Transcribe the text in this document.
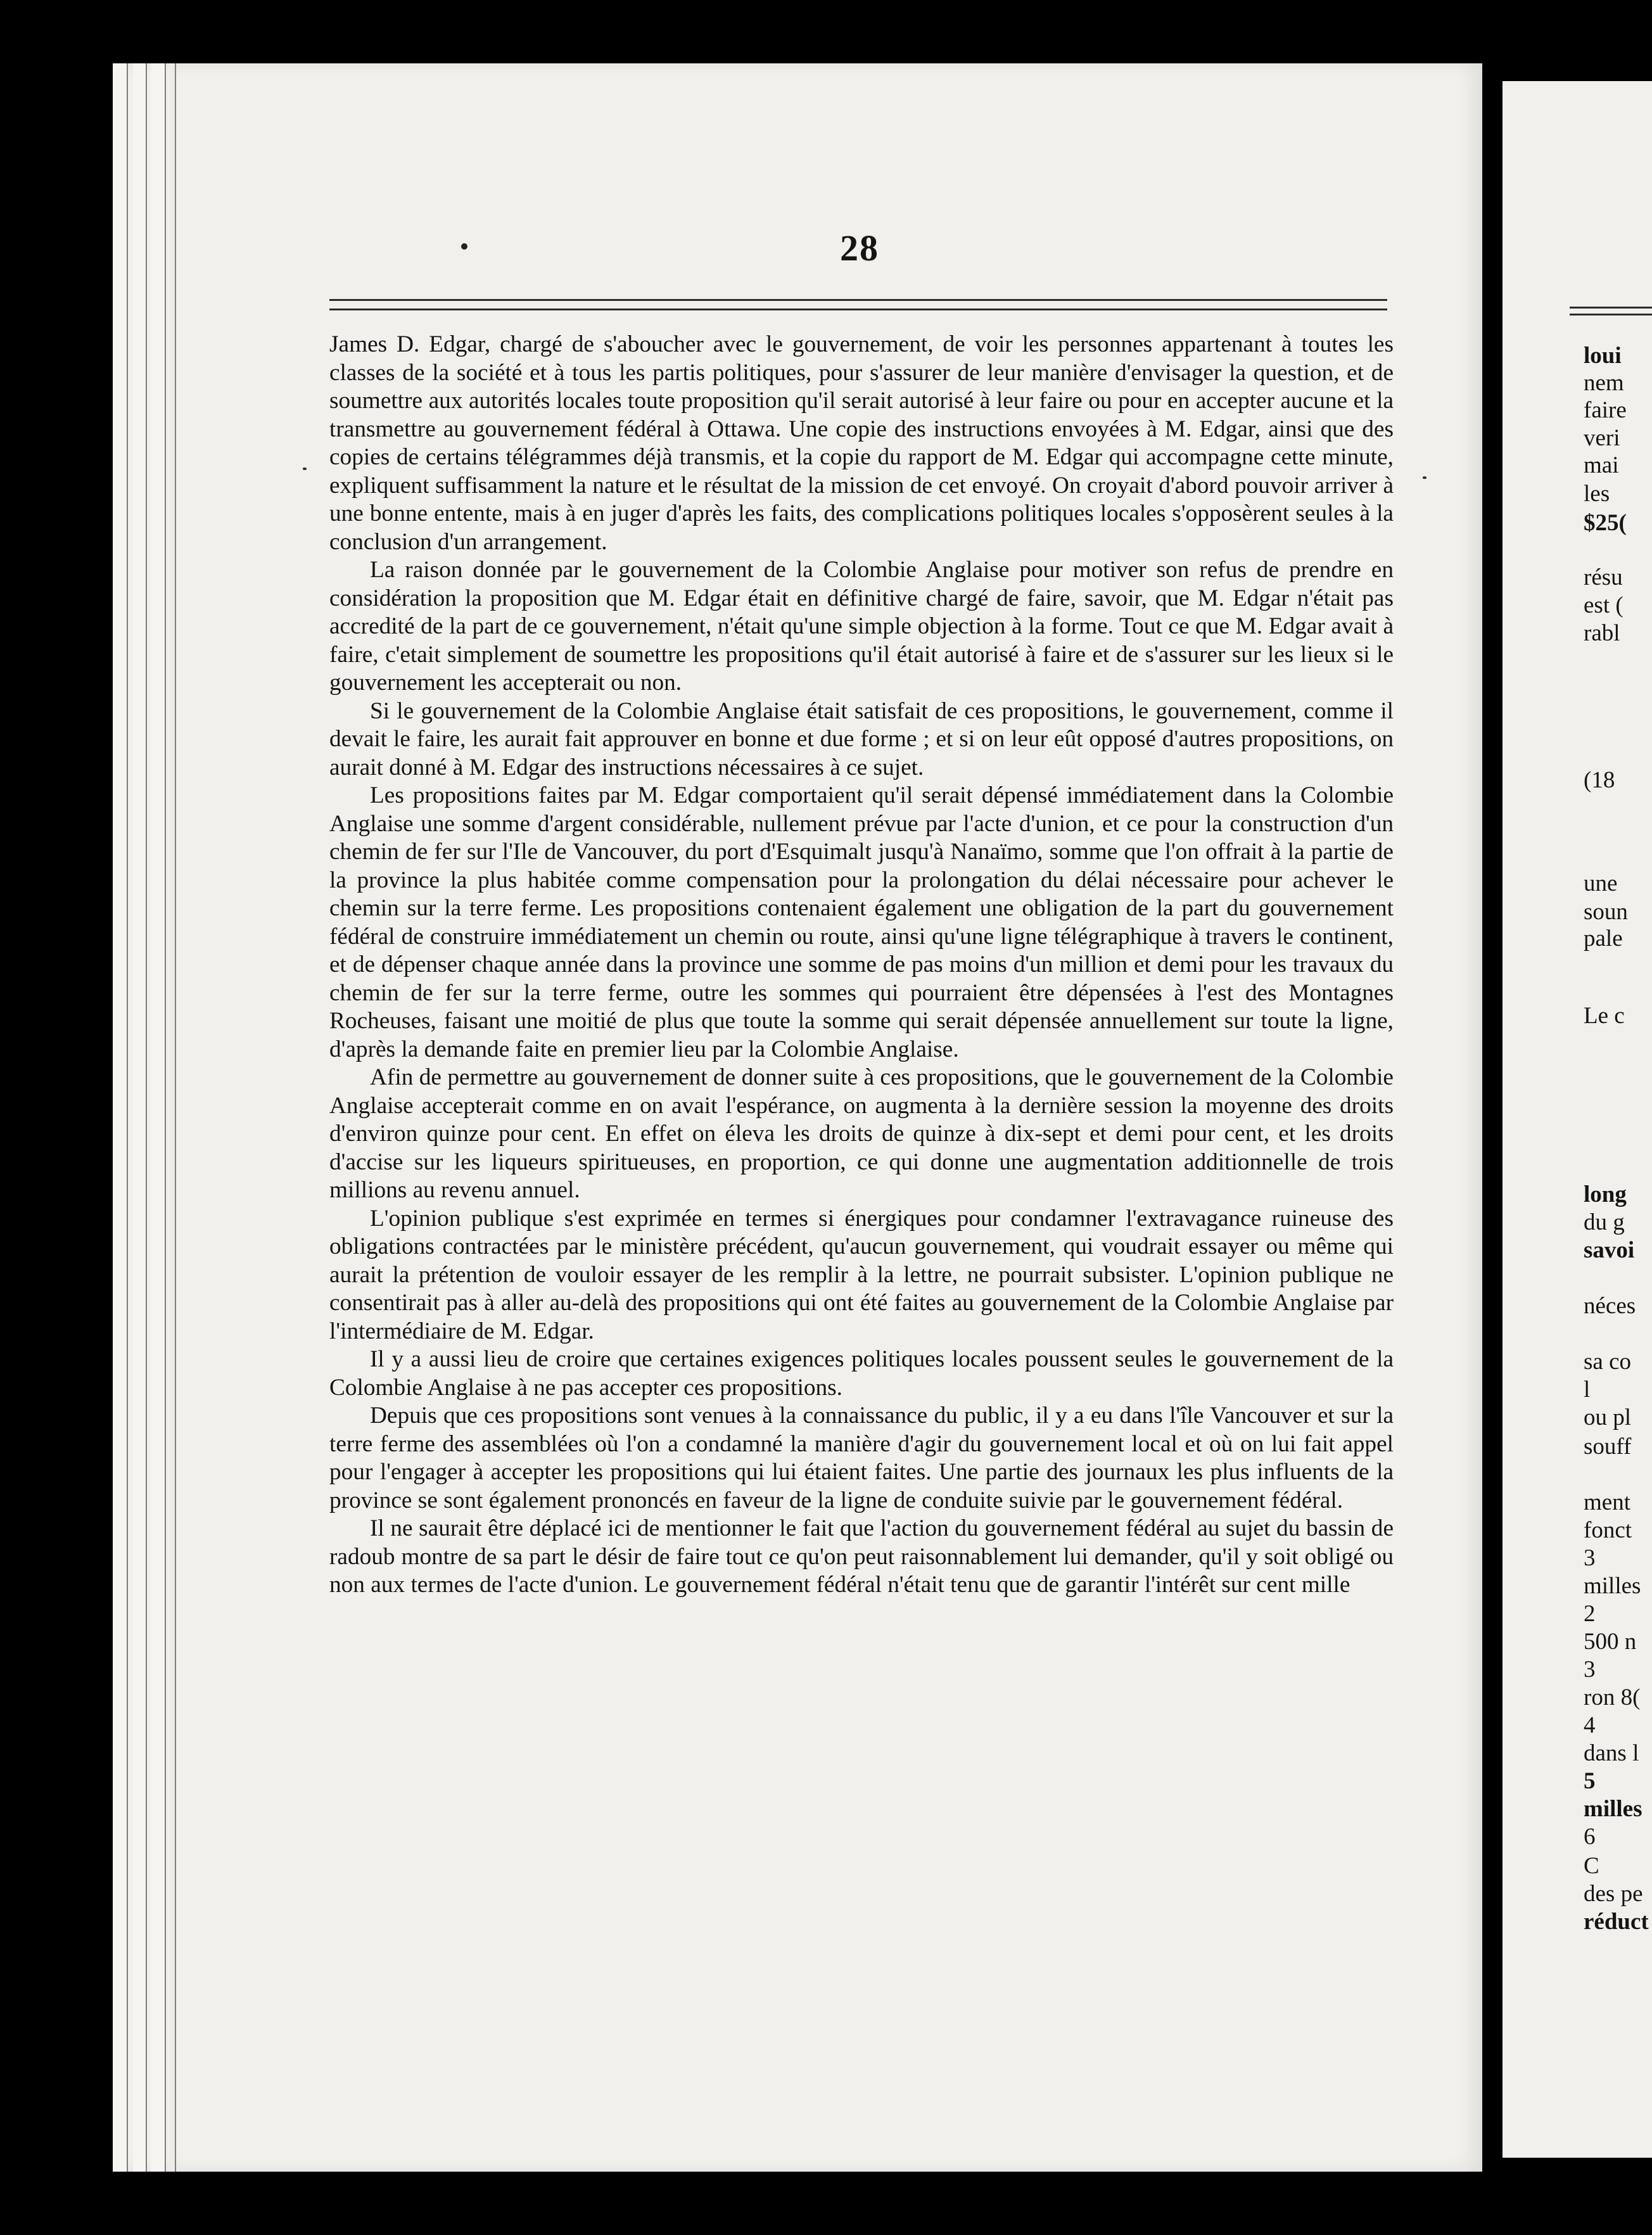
loui
nem
faire
veri
mai
les
$25(
résu
est (
rabl
(18
une
soun
pale
Le c
long
du g
savoi
néces
sa co
l
ou pl
souff
ment
fonct
3
milles
2
500 n
3
ron 8(
4
dans l
5
milles
6
C
des pe
réduct
28

James D. Edgar, chargé de s'aboucher avec le gouvernement, de voir les personnes appartenant à toutes les classes de la société et à tous les partis politiques, pour s'assurer de leur manière d'envisager la question, et de soumettre aux autorités locales toute proposition qu'il serait autorisé à leur faire ou pour en accepter aucune et la transmettre au gouvernement fédéral à Ottawa. Une copie des instructions envoyées à M. Edgar, ainsi que des copies de certains télégrammes déjà transmis, et la copie du rapport de M. Edgar qui accompagne cette minute, expliquent suffisamment la nature et le résultat de la mission de cet envoyé. On croyait d'abord pouvoir arriver à une bonne entente, mais à en juger d'après les faits, des complications politiques locales s'opposèrent seules à la conclusion d'un arrangement.

La raison donnée par le gouvernement de la Colombie Anglaise pour motiver son refus de prendre en considération la proposition que M. Edgar était en définitive chargé de faire, savoir, que M. Edgar n'était pas accredité de la part de ce gouvernement, n'était qu'une simple objection à la forme. Tout ce que M. Edgar avait à faire, c'etait simplement de soumettre les propositions qu'il était autorisé à faire et de s'assurer sur les lieux si le gouvernement les accepterait ou non.

Si le gouvernement de la Colombie Anglaise était satisfait de ces propositions, le gouvernement, comme il devait le faire, les aurait fait approuver en bonne et due forme ; et si on leur eût opposé d'autres propositions, on aurait donné à M. Edgar des instructions nécessaires à ce sujet.

Les propositions faites par M. Edgar comportaient qu'il serait dépensé immédiatement dans la Colombie Anglaise une somme d'argent considérable, nullement prévue par l'acte d'union, et ce pour la construction d'un chemin de fer sur l'Ile de Vancouver, du port d'Esquimalt jusqu'à Nanaïmo, somme que l'on offrait à la partie de la province la plus habitée comme compensation pour la prolongation du délai nécessaire pour achever le chemin sur la terre ferme. Les propositions contenaient également une obligation de la part du gouvernement fédéral de construire immédiatement un chemin ou route, ainsi qu'une ligne télégraphique à travers le continent, et de dépenser chaque année dans la province une somme de pas moins d'un million et demi pour les travaux du chemin de fer sur la terre ferme, outre les sommes qui pourraient être dépensées à l'est des Montagnes Rocheuses, faisant une moitié de plus que toute la somme qui serait dépensée annuellement sur toute la ligne, d'après la demande faite en premier lieu par la Colombie Anglaise.

Afin de permettre au gouvernement de donner suite à ces propositions, que le gouvernement de la Colombie Anglaise accepterait comme en on avait l'espérance, on augmenta à la dernière session la moyenne des droits d'environ quinze pour cent. En effet on éleva les droits de quinze à dix-sept et demi pour cent, et les droits d'accise sur les liqueurs spiritueuses, en proportion, ce qui donne une augmentation additionnelle de trois millions au revenu annuel.

L'opinion publique s'est exprimée en termes si énergiques pour condamner l'extravagance ruineuse des obligations contractées par le ministère précédent, qu'aucun gouvernement, qui voudrait essayer ou même qui aurait la prétention de vouloir essayer de les remplir à la lettre, ne pourrait subsister. L'opinion publique ne consentirait pas à aller au-delà des propositions qui ont été faites au gouvernement de la Colombie Anglaise par l'intermédiaire de M. Edgar.

Il y a aussi lieu de croire que certaines exigences politiques locales poussent seules le gouvernement de la Colombie Anglaise à ne pas accepter ces propositions.

Depuis que ces propositions sont venues à la connaissance du public, il y a eu dans l'île Vancouver et sur la terre ferme des assemblées où l'on a condamné la manière d'agir du gouvernement local et où on lui fait appel pour l'engager à accepter les propositions qui lui étaient faites. Une partie des journaux les plus influents de la province se sont également prononcés en faveur de la ligne de conduite suivie par le gouvernement fédéral.

Il ne saurait être déplacé ici de mentionner le fait que l'action du gouvernement fédéral au sujet du bassin de radoub montre de sa part le désir de faire tout ce qu'on peut raisonnablement lui demander, qu'il y soit obligé ou non aux termes de l'acte d'union. Le gouvernement fédéral n'était tenu que de garantir l'intérêt sur cent mille
